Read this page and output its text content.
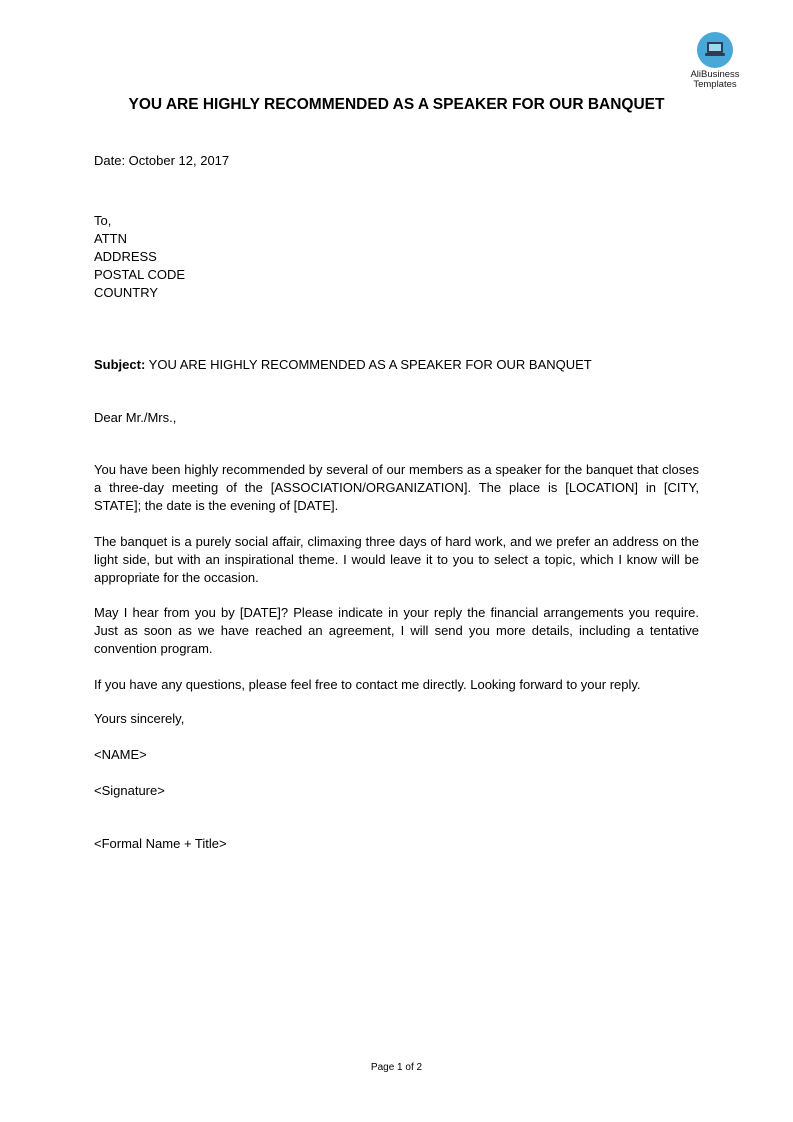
AliBusiness
Templates
YOU ARE HIGHLY RECOMMENDED AS A SPEAKER FOR OUR BANQUET
Date: October 12, 2017
To,
ATTN
ADDRESS
POSTAL CODE
COUNTRY
Subject: YOU ARE HIGHLY RECOMMENDED AS A SPEAKER FOR OUR BANQUET
Dear Mr./Mrs.,
You have been highly recommended by several of our members as a speaker for the banquet that closes a three-day meeting of the [ASSOCIATION/ORGANIZATION]. The place is [LOCATION] in [CITY, STATE]; the date is the evening of [DATE].
The banquet is a purely social affair, climaxing three days of hard work, and we prefer an address on the light side, but with an inspirational theme. I would leave it to you to select a topic, which I know will be appropriate for the occasion.
May I hear from you by [DATE]? Please indicate in your reply the financial arrangements you require. Just as soon as we have reached an agreement, I will send you more details, including a tentative convention program.
If you have any questions, please feel free to contact me directly. Looking forward to your reply.
Yours sincerely,
<NAME>
<Signature>
<Formal Name + Title>
Page 1 of 2
